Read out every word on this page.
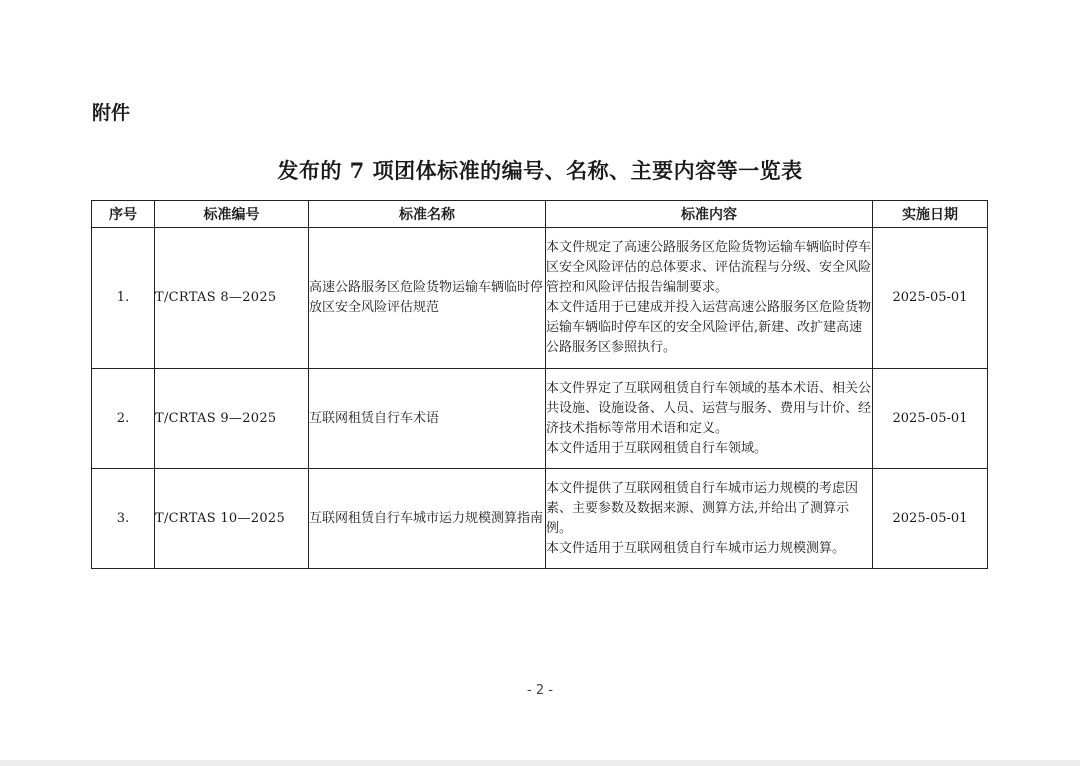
附件

发布的 7 项团体标准的编号、名称、主要内容等一览表
序号	标准编号	标准名称	标准内容	实施日期
1.	T/CRTAS 8—2025	高速公路服务区危险货物运输车辆临时停放区安全风险评估规范	本文件规定了高速公路服务区危险货物运输车辆临时停车区安全风险评估的总体要求、评估流程与分级、安全风险管控和风险评估报告编制要求。
本文件适用于已建成并投入运营高速公路服务区危险货物运输车辆临时停车区的安全风险评估,新建、改扩建高速公路服务区参照执行。	2025-05-01
2.	T/CRTAS 9—2025	互联网租赁自行车术语	本文件界定了互联网租赁自行车领域的基本术语、相关公共设施、设施设备、人员、运营与服务、费用与计价、经济技术指标等常用术语和定义。
本文件适用于互联网租赁自行车领域。	2025-05-01
3.	T/CRTAS 10—2025	互联网租赁自行车城市运力规模测算指南	本文件提供了互联网租赁自行车城市运力规模的考虑因素、主要参数及数据来源、测算方法,并给出了测算示例。
本文件适用于互联网租赁自行车城市运力规模测算。	2025-05-01

- 2 -
